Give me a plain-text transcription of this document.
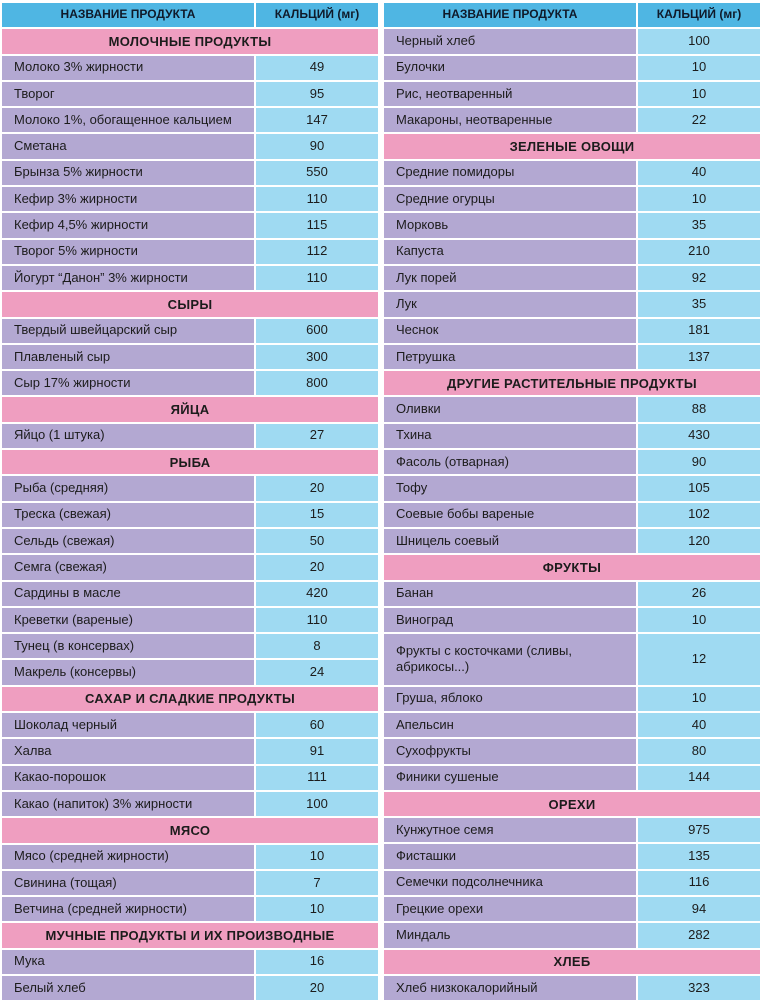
НАЗВАНИЕ ПРОДУКТА	КАЛЬЦИЙ (мг)
МОЛОЧНЫЕ ПРОДУКТЫ
Молоко 3% жирности	49
Творог	95
Молоко 1%, обогащенное кальцием	147
Сметана	90
Брынза 5% жирности	550
Кефир 3% жирности	110
Кефир 4,5% жирности	115
Творог 5% жирности	112
Йогурт “Данон” 3% жирности	110
СЫРЫ
Твердый швейцарский сыр	600
Плавленый сыр	300
Сыр 17% жирности	800
ЯЙЦА
Яйцо (1 штука)	27
РЫБА
Рыба (средняя)	20
Треска (свежая)	15
Сельдь (свежая)	50
Семга (свежая)	20
Сардины в масле	420
Креветки (вареные)	110
Тунец (в консервах)	8
Макрель (консервы)	24
САХАР И СЛАДКИЕ ПРОДУКТЫ
Шоколад черный	60
Халва	91
Какао-порошок	111
Какао (напиток) 3% жирности	100
МЯСО
Мясо (средней жирности)	10
Свинина (тощая)	7
Ветчина (средней жирности)	10
МУЧНЫЕ ПРОДУКТЫ И ИХ ПРОИЗВОДНЫЕ
Мука	16
Белый хлеб	20
НАЗВАНИЕ ПРОДУКТА	КАЛЬЦИЙ (мг)
Черный хлеб	100
Булочки	10
Рис, неотваренный	10
Макароны, неотваренные	22
ЗЕЛЕНЫЕ ОВОЩИ
Средние помидоры	40
Средние огурцы	10
Морковь	35
Капуста	210
Лук порей	92
Лук	35
Чеснок	181
Петрушка	137
ДРУГИЕ РАСТИТЕЛЬНЫЕ ПРОДУКТЫ
Оливки	88
Тхина	430
Фасоль (отварная)	90
Тофу	105
Соевые бобы вареные	102
Шницель соевый	120
ФРУКТЫ
Банан	26
Виноград	10
Фрукты с косточками (сливы, абрикосы...)
12
Груша, яблоко	10
Апельсин	40
Сухофрукты	80
Финики сушеные	144
ОРЕХИ
Кунжутное семя	975
Фисташки	135
Семечки подсолнечника	116
Грецкие орехи	94
Миндаль	282
ХЛЕБ
Хлеб низкокалорийный	323
